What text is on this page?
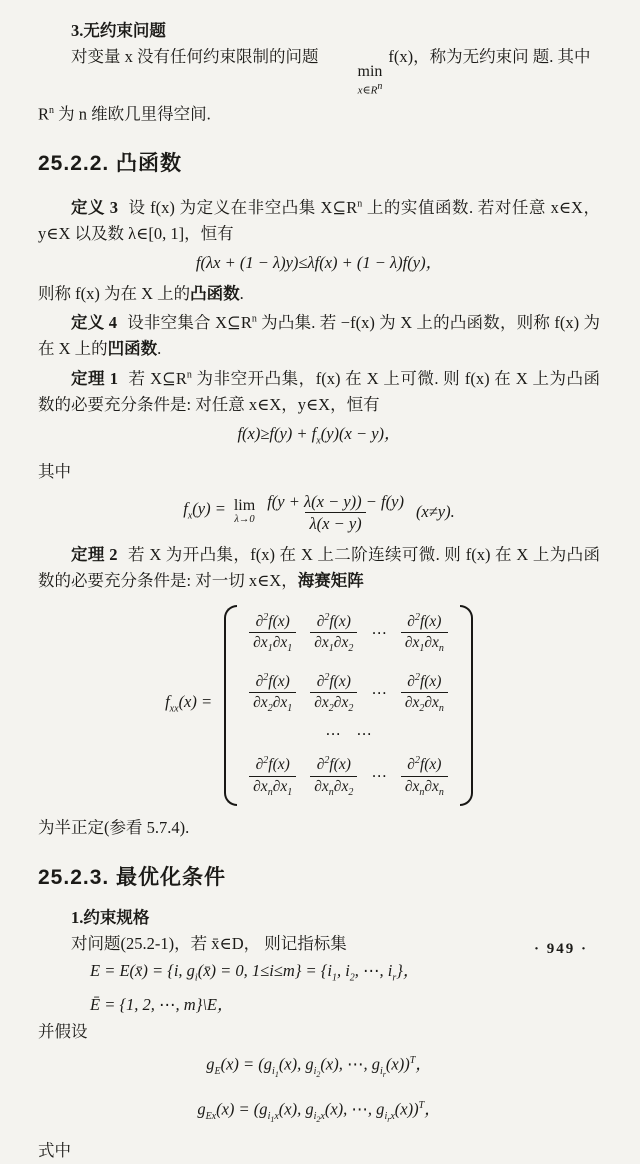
3.无约束问题

对变量 x 没有任何约束限制的问题
min
$x\in R^n$
f(x)，称为无约束问 题. 其中

$R^n$ 为 n 维欧几里得空间.

25.2.2. 凸函数

定义 3 设 f(x) 为定义在非空凸集 $X⊆R^n$ 上的实值函数. 若对任意 x∈X，y∈X 以及数 λ∈[0, 1]，恒有

f(λx + (1 − λ)y)≤λf(x) + (1 − λ)f(y)，

则称 f(x) 为在 X 上的凸函数.

定义 4 设非空集合 $X⊆R^n$ 为凸集. 若 −f(x) 为 X 上的凸函数，则称 f(x) 为在 X 上的凹函数.

定理 1 若 $X⊆R^n$ 为非空开凸集，f(x) 在 X 上可微. 则 f(x) 在 X 上为凸函数的必要充分条件是: 对任意 x∈X，y∈X，恒有

$f(x)\ge f(y) + f_x(y)(x - y)$，

其中

$f_x(y) = \lim$
$\lambda\to 0 \frac{f(y + \lambda(x - y)) - f(y)}{\lambda(x - y)} (x\ne y)$.

定理 2 若 X 为开凸集，f(x) 在 X 上二阶连续可微. 则 f(x) 在 X 上为凸函数的必要充分条件是: 对一切 x∈X，海赛矩阵

$f_{xx}(x)$ =
$\frac{\partial^2f(x)}{\partial x_1\partial x_1} \frac{\partial^2f(x)}{\partial x_1\partial x_2}$ ⋯ $\frac{\partial^2f(x)}{\partial x_1\partial x_n}$
$\frac{\partial^2f(x)}{\partial x_2\partial x_1} \frac{\partial^2f(x)}{\partial x_2\partial x_2}$ ⋯ $\frac{\partial^2f(x)}{\partial x_2\partial x_n}$
⋯    ⋯
$\frac{\partial^2f(x)}{\partial x_n\partial x_1} \frac{\partial^2f(x)}{\partial x_n\partial x_2}$ ⋯ $\frac{\partial^2f(x)}{\partial x_n\partial x_n}$

为半正定(参看 5.7.4).

25.2.3. 最优化条件

1.约束规格

对问题(25.2-1)，若 x̄∈D， 则记指标集

E = E(x̄) = {i, $g_i(x̄) = 0$, $1\le i\le m\} = \{i_1$, $i_2$, ⋯, $i_r$}，
Ē = {1, 2, ⋯, m}\E，

并假设

$g_E(x) = (g_{i_1}(x)$, $g_{i_2}(x)$, ⋯, $g_{i_r}(x))^T$，
$g_{Ex}(x) = (g_{i_1x}(x)$, $g_{i_2x}(x)$, ⋯, $g_{i_rx}(x))^T$，

式中

· 949 ·
